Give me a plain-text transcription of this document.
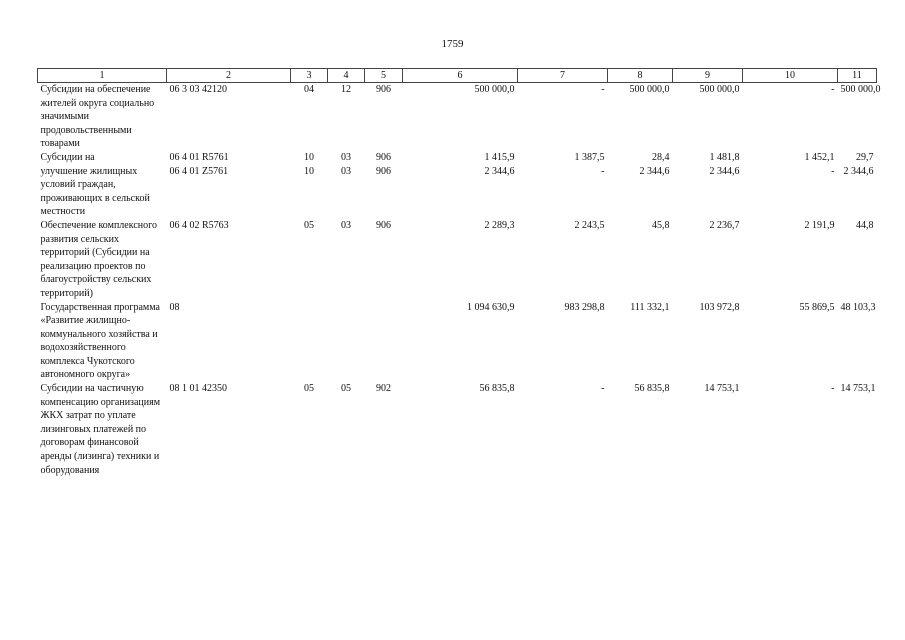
1759
1	2	3	4	5	6	7	8	9	10	11

Субсидии на обеспечение жителей округа социально значимыми продовольственными товарами	06 3 03 42120	04	12	906	500 000,0	-	500 000,0	500 000,0	-	500 000,0

Субсидии на	06 4 01 R5761	10	03	906	1 415,9	1 387,5	28,4	1 481,8	1 452,1	29,7

улучшение жилищных условий граждан, проживающих в сельской местности	06 4 01 Z5761	10	03	906	2 344,6	-	2 344,6	2 344,6	-	2 344,6

Обеспечение комплексного развития сельских территорий (Субсидии на реализацию проектов по благоустройству сельских территорий)	06 4 02 R5763	05	03	906	2 289,3	2 243,5	45,8	2 236,7	2 191,9	44,8

Государственная программа «Развитие жилищно-коммунального хозяйства и водохозяйственного комплекса Чукотского автономного округа»	08				1 094 630,9	983 298,8	111 332,1	103 972,8	55 869,5	48 103,3

Субсидии на частичную компенсацию организациям ЖКХ затрат по уплате лизинговых платежей по договорам финансовой аренды (лизинга) техники и оборудования	08 1 01 42350	05	05	902	56 835,8	-	56 835,8	14 753,1	-	14 753,1
